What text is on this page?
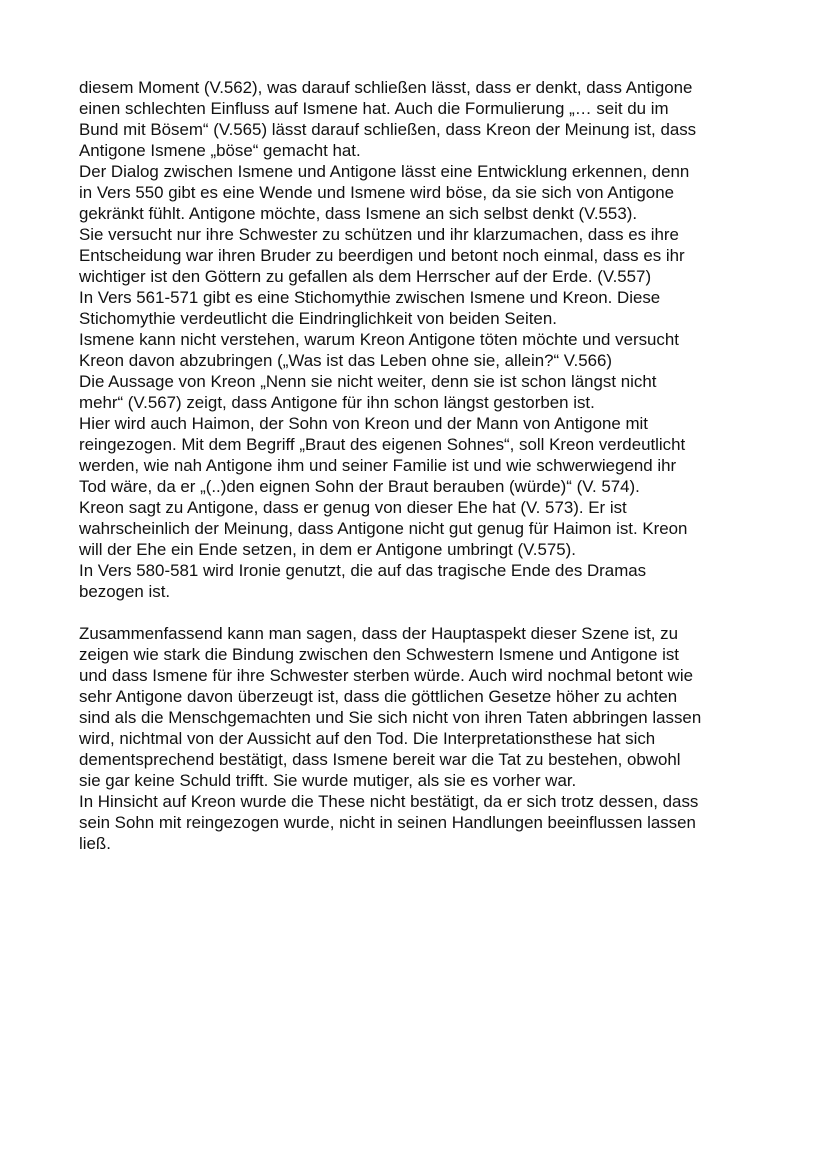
diesem Moment (V.562), was darauf schließen lässt, dass er denkt, dass Antigone

einen schlechten Einfluss auf Ismene hat. Auch die Formulierung „… seit du im

Bund mit Bösem“ (V.565) lässt darauf schließen, dass Kreon der Meinung ist, dass

Antigone Ismene „böse“ gemacht hat.

Der Dialog zwischen Ismene und Antigone lässt eine Entwicklung erkennen, denn

in Vers 550 gibt es eine Wende und Ismene wird böse, da sie sich von Antigone

gekränkt fühlt. Antigone möchte, dass Ismene an sich selbst denkt (V.553).

Sie versucht nur ihre Schwester zu schützen und ihr klarzumachen, dass es ihre

Entscheidung war ihren Bruder zu beerdigen und betont noch einmal, dass es ihr

wichtiger ist den Göttern zu gefallen als dem Herrscher auf der Erde. (V.557)

In Vers 561-571 gibt es eine Stichomythie zwischen Ismene und Kreon. Diese

Stichomythie verdeutlicht die Eindringlichkeit von beiden Seiten.

Ismene kann nicht verstehen, warum Kreon Antigone töten möchte und versucht

Kreon davon abzubringen („Was ist das Leben ohne sie, allein?“ V.566)

Die Aussage von Kreon „Nenn sie nicht weiter, denn sie ist schon längst nicht

mehr“ (V.567) zeigt, dass Antigone für ihn schon längst gestorben ist.

Hier wird auch Haimon, der Sohn von Kreon und der Mann von Antigone mit

reingezogen. Mit dem Begriff „Braut des eigenen Sohnes“, soll Kreon verdeutlicht

werden, wie nah Antigone ihm und seiner Familie ist und wie schwerwiegend ihr

Tod wäre, da er „(..)den eignen Sohn der Braut berauben (würde)“ (V. 574).

Kreon sagt zu Antigone, dass er genug von dieser Ehe hat (V. 573). Er ist

wahrscheinlich der Meinung, dass Antigone nicht gut genug für Haimon ist. Kreon

will der Ehe ein Ende setzen, in dem er Antigone umbringt (V.575).

In Vers 580-581 wird Ironie genutzt, die auf das tragische Ende des Dramas

bezogen ist.

Zusammenfassend kann man sagen, dass der Hauptaspekt dieser Szene ist, zu

zeigen wie stark die Bindung zwischen den Schwestern Ismene und Antigone ist

und dass Ismene für ihre Schwester sterben würde. Auch wird nochmal betont wie

sehr Antigone davon überzeugt ist, dass die göttlichen Gesetze höher zu achten

sind als die Menschgemachten und Sie sich nicht von ihren Taten abbringen lassen

wird, nichtmal von der Aussicht auf den Tod. Die Interpretationsthese hat sich

dementsprechend bestätigt, dass Ismene bereit war die Tat zu bestehen, obwohl

sie gar keine Schuld trifft. Sie wurde mutiger, als sie es vorher war.

In Hinsicht auf Kreon wurde die These nicht bestätigt, da er sich trotz dessen, dass

sein Sohn mit reingezogen wurde, nicht in seinen Handlungen beeinflussen lassen

ließ.
